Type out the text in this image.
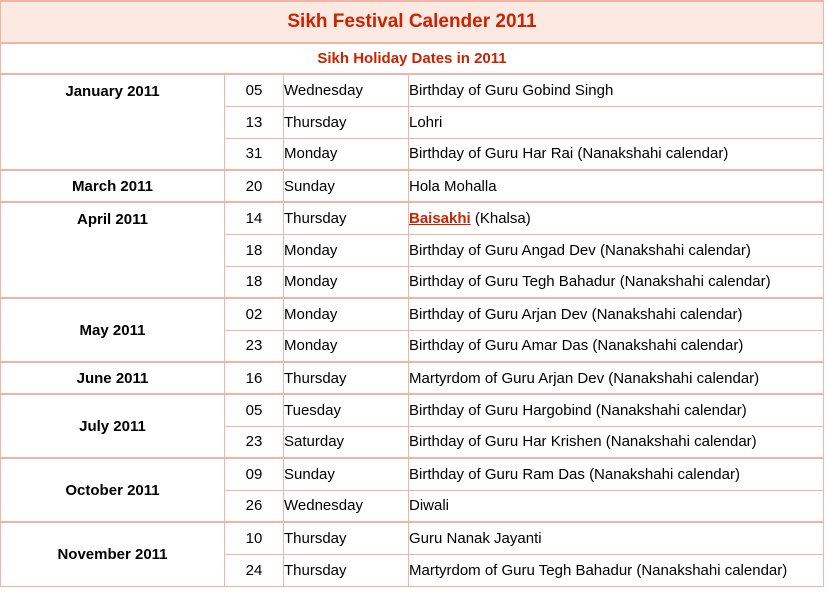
Sikh Festival Calender 2011			
Sikh Holiday Dates in 2011			
January 2011	05	Wednesday	Birthday of Guru Gobind Singh
	13	Thursday	Lohri
	31	Monday	Birthday of Guru Har Rai (Nanakshahi calendar)
March 2011	20	Sunday	Hola Mohalla
April 2011	14	Thursday	Baisakhi (Khalsa)
	18	Monday	Birthday of Guru Angad Dev (Nanakshahi calendar)
	18	Monday	Birthday of Guru Tegh Bahadur (Nanakshahi calendar)
May 2011	02	Monday	Birthday of Guru Arjan Dev (Nanakshahi calendar)
	23	Monday	Birthday of Guru Amar Das (Nanakshahi calendar)
June 2011	16	Thursday	Martyrdom of Guru Arjan Dev (Nanakshahi calendar)
July 2011	05	Tuesday	Birthday of Guru Hargobind (Nanakshahi calendar)
	23	Saturday	Birthday of Guru Har Krishen (Nanakshahi calendar)
October 2011	09	Sunday	Birthday of Guru Ram Das (Nanakshahi calendar)
	26	Wednesday	Diwali
November 2011	10	Thursday	Guru Nanak Jayanti
	24	Thursday	Martyrdom of Guru Tegh Bahadur (Nanakshahi calendar)
